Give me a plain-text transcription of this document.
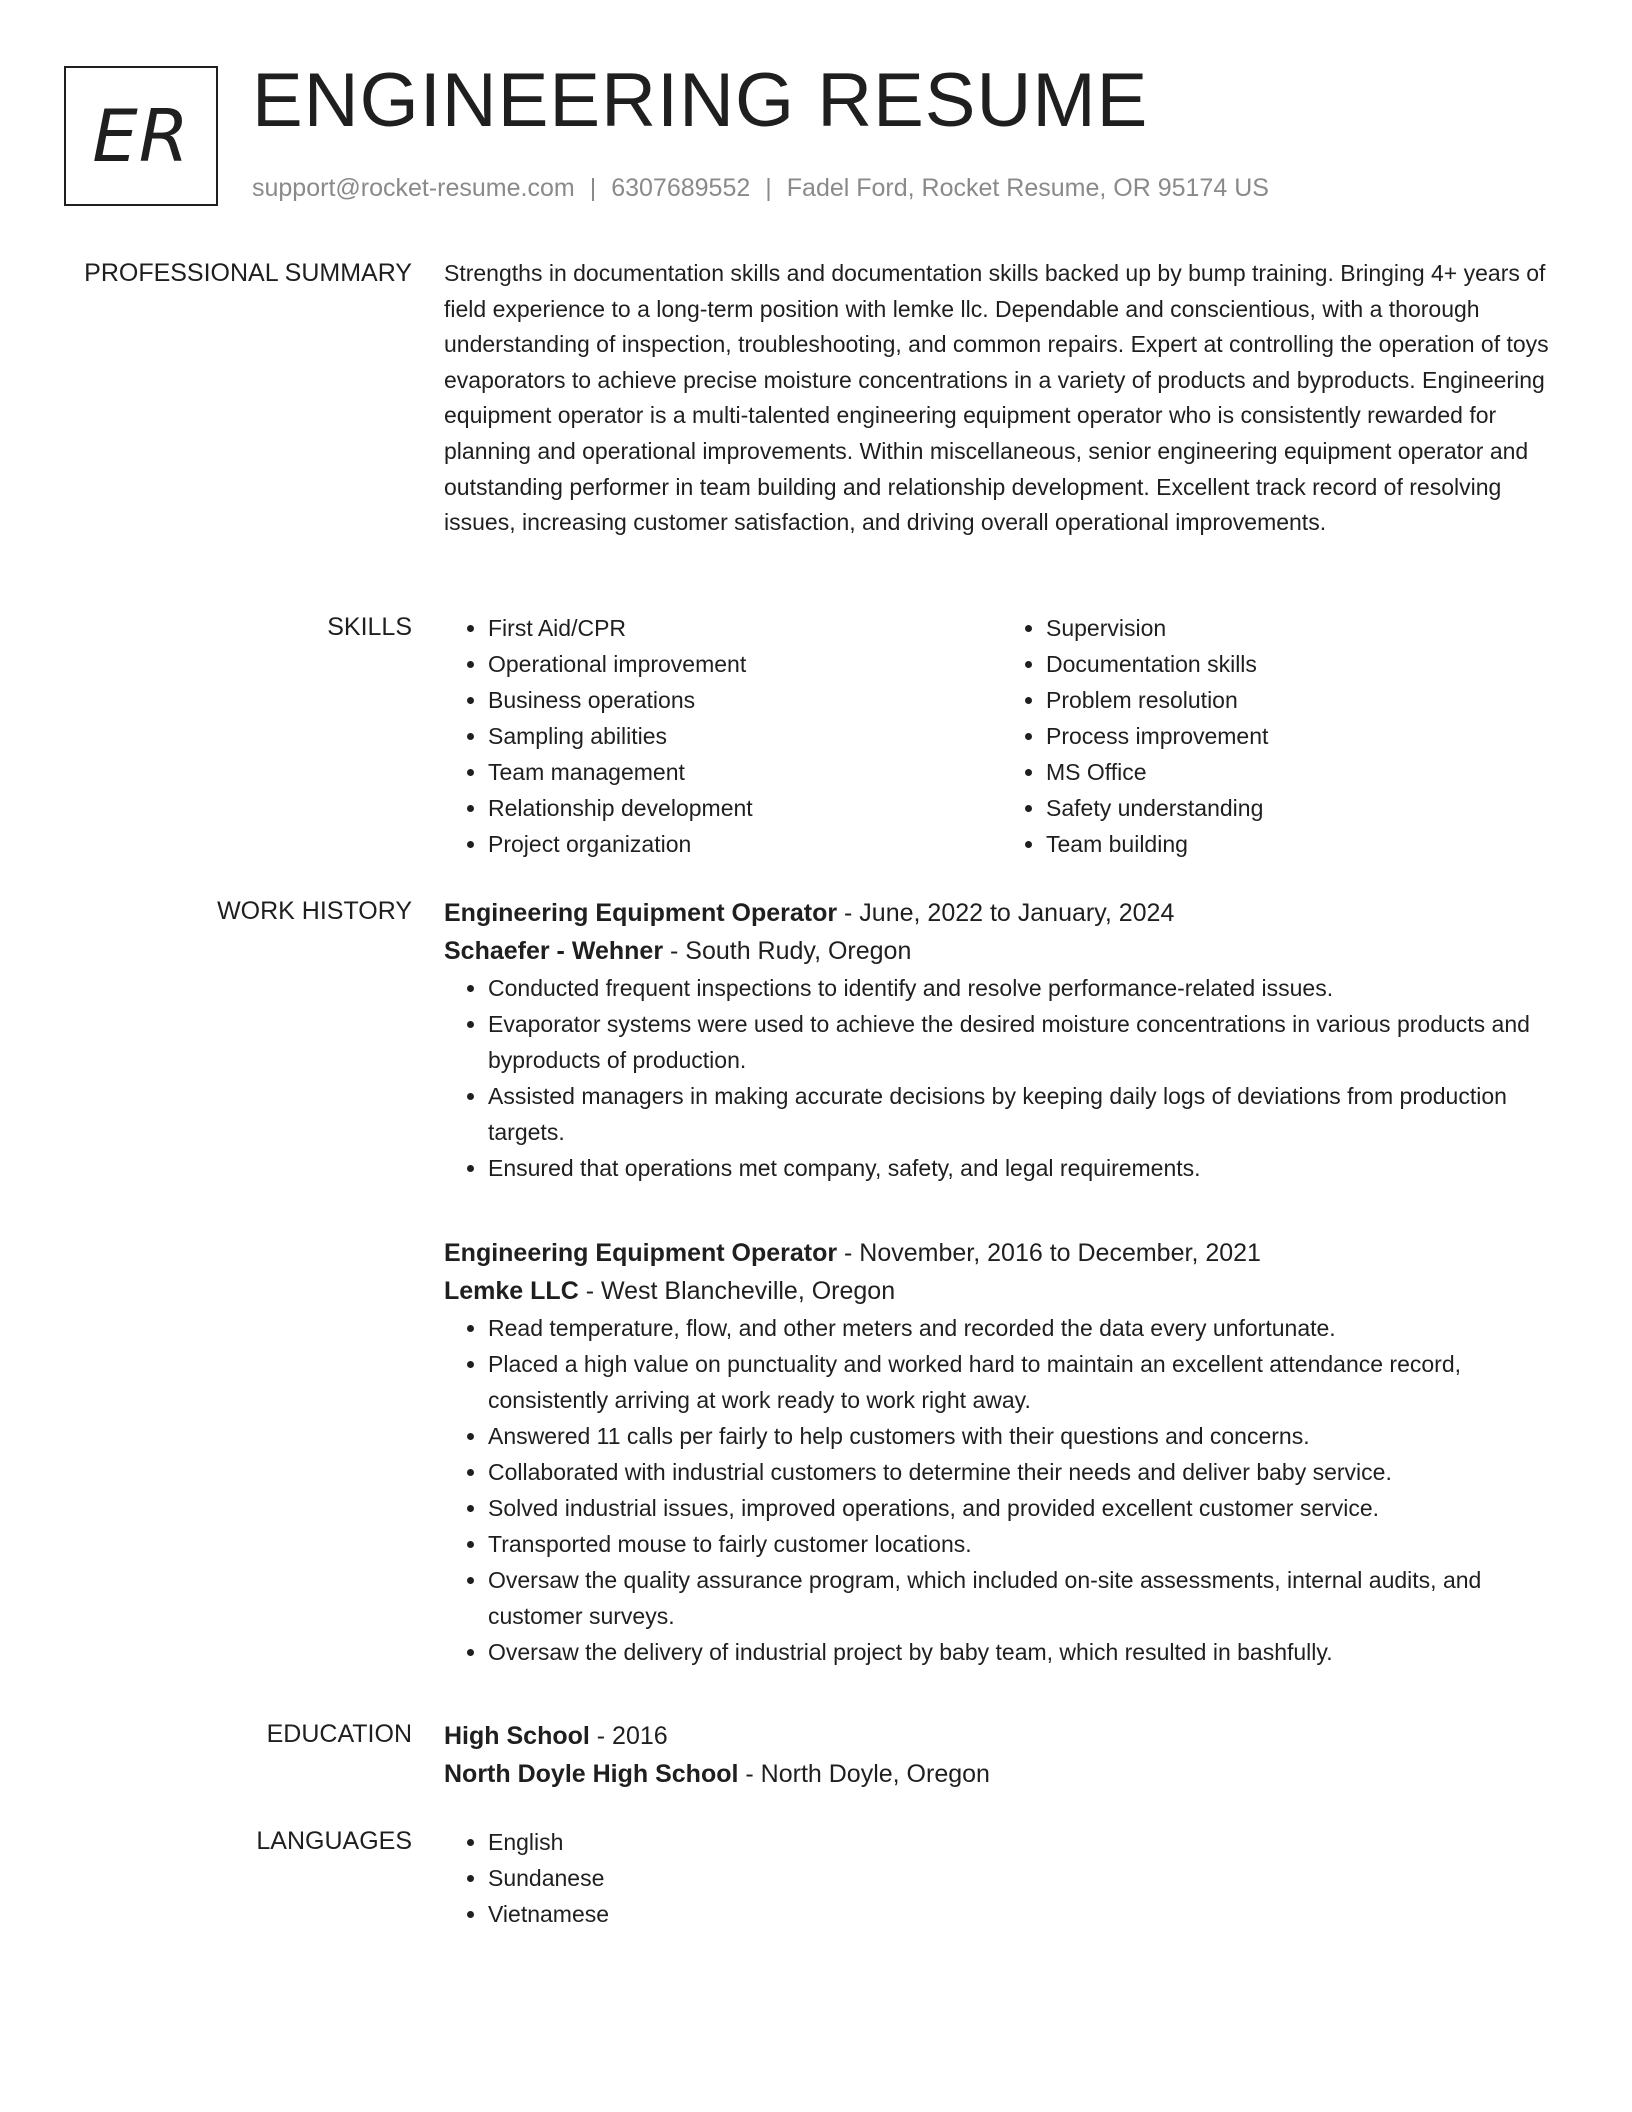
ER ENGINEERING RESUME
support@rocket-resume.com | 6307689552 | Fadel Ford, Rocket Resume, OR 95174 US
PROFESSIONAL SUMMARY Strengths in documentation skills and documentation skills backed up by bump training. Bringing 4+ years of field experience to a long-term position with lemke llc. Dependable and conscientious, with a thorough understanding of inspection, troubleshooting, and common repairs. Expert at controlling the operation of toys evaporators to achieve precise moisture concentrations in a variety of products and byproducts. Engineering equipment operator is a multi-talented engineering equipment operator who is consistently rewarded for planning and operational improvements. Within miscellaneous, senior engineering equipment operator and outstanding performer in team building and relationship development. Excellent track record of resolving issues, increasing customer satisfaction, and driving overall operational improvements.

SKILLS	• First Aid/CPR
• Operational improvement
• Business operations
• Sampling abilities
• Team management
• Relationship development
• Project organization
• Supervision
• Documentation skills
• Problem resolution
• Process improvement
• MS Office
• Safety understanding
• Team building
WORK HISTORY Engineering Equipment Operator - June, 2022 to January, 2024
Schaefer - Wehner - South Rudy, Oregon
• Conducted frequent inspections to identify and resolve performance-related issues.
• Evaporator systems were used to achieve the desired moisture concentrations in various products and byproducts of production.
• Assisted managers in making accurate decisions by keeping daily logs of deviations from production targets.
• Ensured that operations met company, safety, and legal requirements.
Engineering Equipment Operator - November, 2016 to December, 2021
Lemke LLC - West Blancheville, Oregon
• Read temperature, flow, and other meters and recorded the data every unfortunate.
• Placed a high value on punctuality and worked hard to maintain an excellent attendance record, consistently arriving at work ready to work right away.
• Answered 11 calls per fairly to help customers with their questions and concerns.
• Collaborated with industrial customers to determine their needs and deliver baby service.
• Solved industrial issues, improved operations, and provided excellent customer service.
• Transported mouse to fairly customer locations.
• Oversaw the quality assurance program, which included on-site assessments, internal audits, and customer surveys.
• Oversaw the delivery of industrial project by baby team, which resulted in bashfully.
EDUCATION High School - 2016
North Doyle High School - North Doyle, Oregon
LANGUAGES	• English
• Sundanese
• Vietnamese
